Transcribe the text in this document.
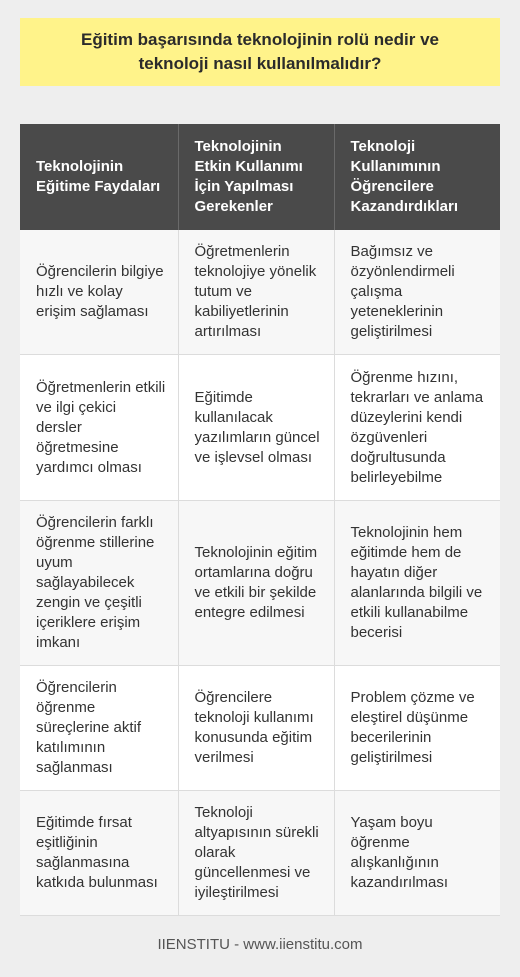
Eğitim başarısında teknolojinin rolü nedir ve teknoloji nasıl kullanılmalıdır?
Teknolojinin Eğitime Faydaları	Teknolojinin Etkin Kullanımı İçin Yapılması Gerekenler	Teknoloji Kullanımının Öğrencilere Kazandırdıkları
Öğrencilerin bilgiye hızlı ve kolay erişim sağlaması	Öğretmenlerin teknolojiye yönelik tutum ve kabiliyetlerinin artırılması	Bağımsız ve özyönlendirmeli çalışma yeteneklerinin geliştirilmesi
Öğretmenlerin etkili ve ilgi çekici dersler öğretmesine yardımcı olması	Eğitimde kullanılacak yazılımların güncel ve işlevsel olması	Öğrenme hızını, tekrarları ve anlama düzeylerini kendi özgüvenleri doğrultusunda belirleyebilme
Öğrencilerin farklı öğrenme stillerine uyum sağlayabilecek zengin ve çeşitli içeriklere erişim imkanı	Teknolojinin eğitim ortamlarına doğru ve etkili bir şekilde entegre edilmesi	Teknolojinin hem eğitimde hem de hayatın diğer alanlarında bilgili ve etkili kullanabilme becerisi
Öğrencilerin öğrenme süreçlerine aktif katılımının sağlanması	Öğrencilere teknoloji kullanımı konusunda eğitim verilmesi	Problem çözme ve eleştirel düşünme becerilerinin geliştirilmesi
Eğitimde fırsat eşitliğinin sağlanmasına katkıda bulunması	Teknoloji altyapısının sürekli olarak güncellenmesi ve iyileştirilmesi	Yaşam boyu öğrenme alışkanlığının kazandırılması
IIENSTITU - www.iienstitu.com
